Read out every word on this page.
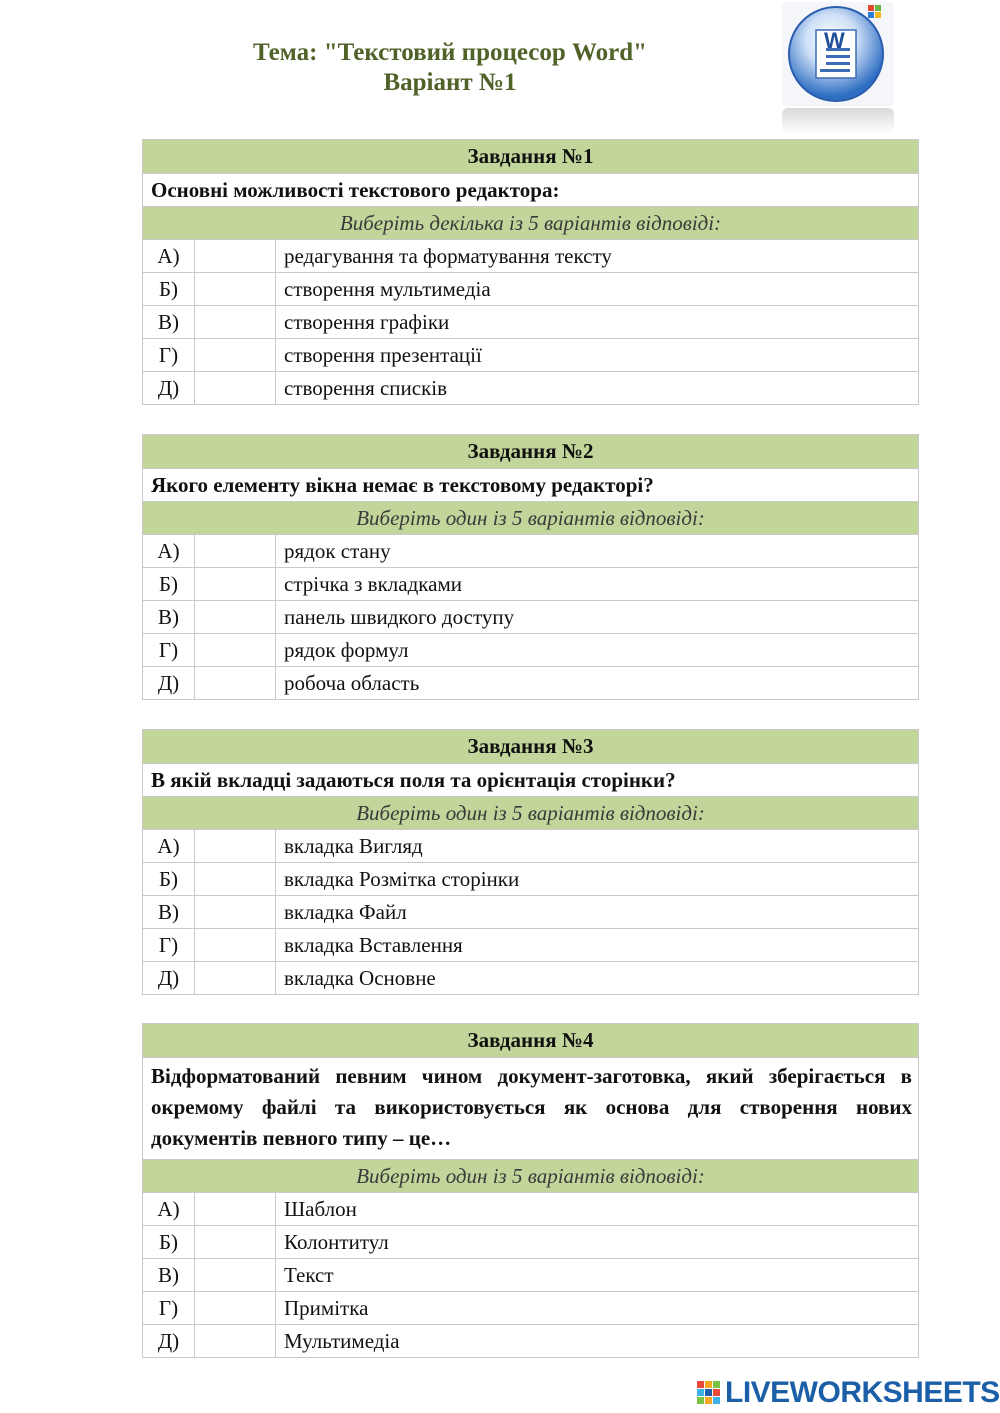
Тема: "Текстовий процесор Word"
Варіант №1
W
Завдання №1		
Основні можливості текстового редактора:		
Виберіть декілька із 5 варіантів відповіді:		
А)		редагування та форматування тексту
Б)		створення мультимедіа
В)		створення графіки
Г)		створення презентації
Д)		створення списків
Завдання №2		
Якого елементу вікна немає в текстовому редакторі?		
Виберіть один із 5 варіантів відповіді:		
А)		рядок стану
Б)		стрічка з вкладками
В)		панель швидкого доступу
Г)		рядок формул
Д)		робоча область
Завдання №3		
В якій вкладці задаються поля та орієнтація сторінки?		
Виберіть один із 5 варіантів відповіді:		
А)		вкладка Вигляд
Б)		вкладка Розмітка сторінки
В)		вкладка Файл
Г)		вкладка Вставлення
Д)		вкладка Основне
Завдання №4		
Відформатований певним чином документ-заготовка, який зберігається в окремому файлі та використовується як основа для створення нових документів певного типу – це…		
Виберіть один із 5 варіантів відповіді:		
А)		Шаблон
Б)		Колонтитул
В)		Текст
Г)		Примітка
Д)		Мультимедіа
LIVEWORKSHEETS
